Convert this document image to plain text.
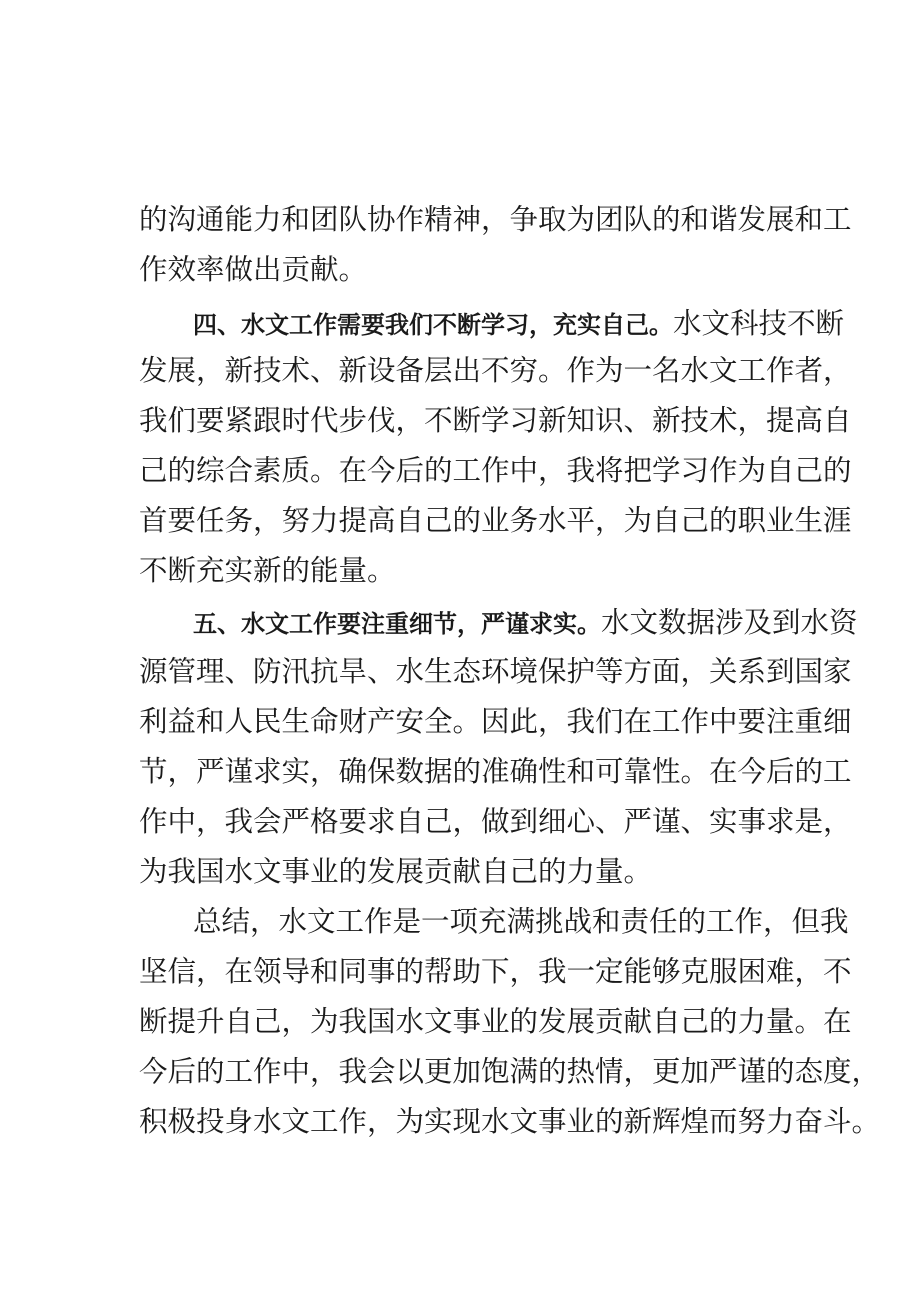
的沟通能力和团队协作精神，争取为团队的和谐发展和工
作效率做出贡献。
四、水文工作需要我们不断学习，充实自己。水文科技不断
发展，新技术、新设备层出不穷。作为一名水文工作者，
我们要紧跟时代步伐，不断学习新知识、新技术，提高自
己的综合素质。在今后的工作中，我将把学习作为自己的
首要任务，努力提高自己的业务水平，为自己的职业生涯
不断充实新的能量。
五、水文工作要注重细节，严谨求实。水文数据涉及到水资
源管理、防汛抗旱、水生态环境保护等方面，关系到国家
利益和人民生命财产安全。因此，我们在工作中要注重细
节，严谨求实，确保数据的准确性和可靠性。在今后的工
作中，我会严格要求自己，做到细心、严谨、实事求是，
为我国水文事业的发展贡献自己的力量。
总结，水文工作是一项充满挑战和责任的工作，但我
坚信，在领导和同事的帮助下，我一定能够克服困难，不
断提升自己，为我国水文事业的发展贡献自己的力量。在
今后的工作中，我会以更加饱满的热情，更加严谨的态度，
积极投身水文工作，为实现水文事业的新辉煌而努力奋斗。
